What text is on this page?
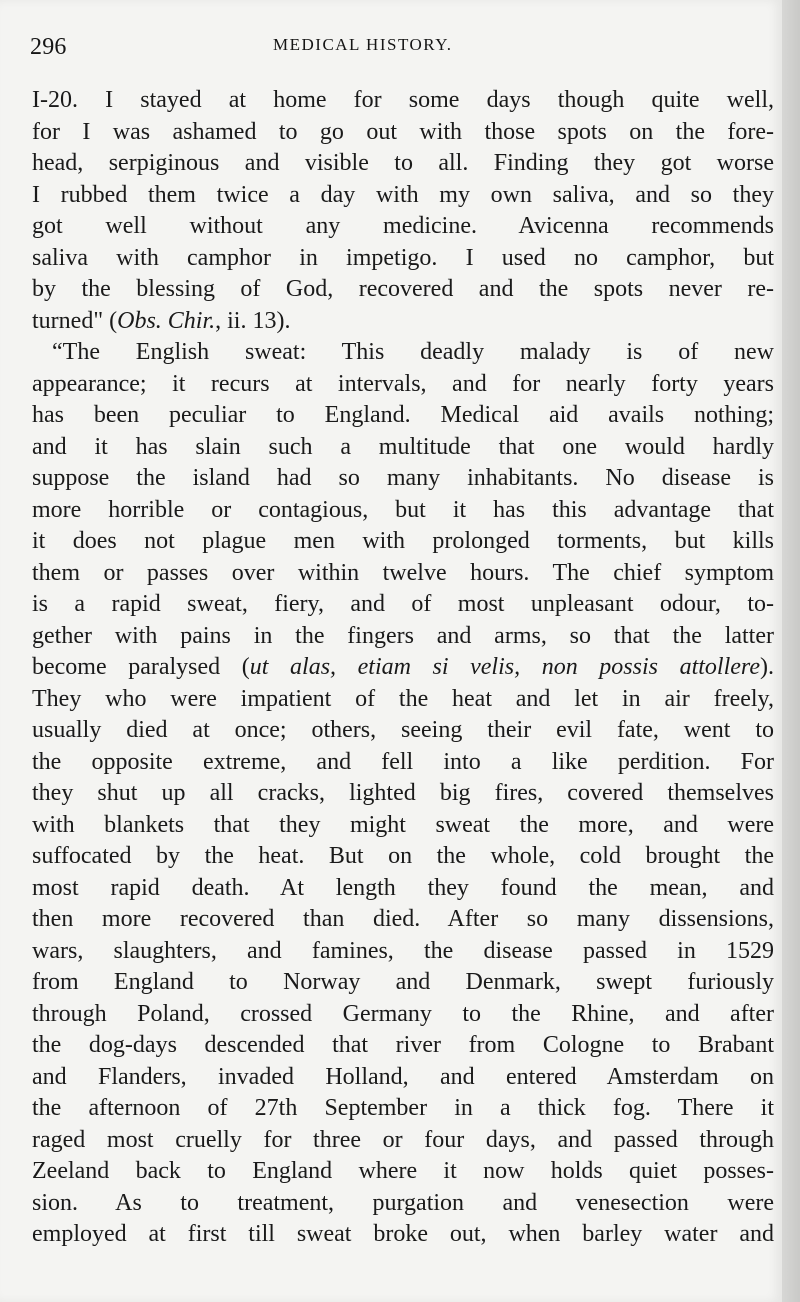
296	MEDICAL HISTORY.
I-20. I stayed at home for some days though quite well,
for I was ashamed to go out with those spots on the fore-
head, serpiginous and visible to all. Finding they got worse
I rubbed them twice a day with my own saliva, and so they
got well without any medicine. Avicenna recommends
saliva with camphor in impetigo. I used no camphor, but
by the blessing of God, recovered and the spots never re-
turned" (Obs. Chir., ii. 13).
“The English sweat: This deadly malady is of new
appearance; it recurs at intervals, and for nearly forty years
has been peculiar to England. Medical aid avails nothing;
and it has slain such a multitude that one would hardly
suppose the island had so many inhabitants. No disease is
more horrible or contagious, but it has this advantage that
it does not plague men with prolonged torments, but kills
them or passes over within twelve hours. The chief symptom
is a rapid sweat, fiery, and of most unpleasant odour, to-
gether with pains in the fingers and arms, so that the latter
become paralysed (ut alas, etiam si velis, non possis attollere).
They who were impatient of the heat and let in air freely,
usually died at once; others, seeing their evil fate, went to
the opposite extreme, and fell into a like perdition. For
they shut up all cracks, lighted big fires, covered themselves
with blankets that they might sweat the more, and were
suffocated by the heat. But on the whole, cold brought the
most rapid death. At length they found the mean, and
then more recovered than died. After so many dissensions,
wars, slaughters, and famines, the disease passed in 1529
from England to Norway and Denmark, swept furiously
through Poland, crossed Germany to the Rhine, and after
the dog-days descended that river from Cologne to Brabant
and Flanders, invaded Holland, and entered Amsterdam on
the afternoon of 27th September in a thick fog. There it
raged most cruelly for three or four days, and passed through
Zeeland back to England where it now holds quiet posses-
sion. As to treatment, purgation and venesection were
employed at first till sweat broke out, when barley water and
